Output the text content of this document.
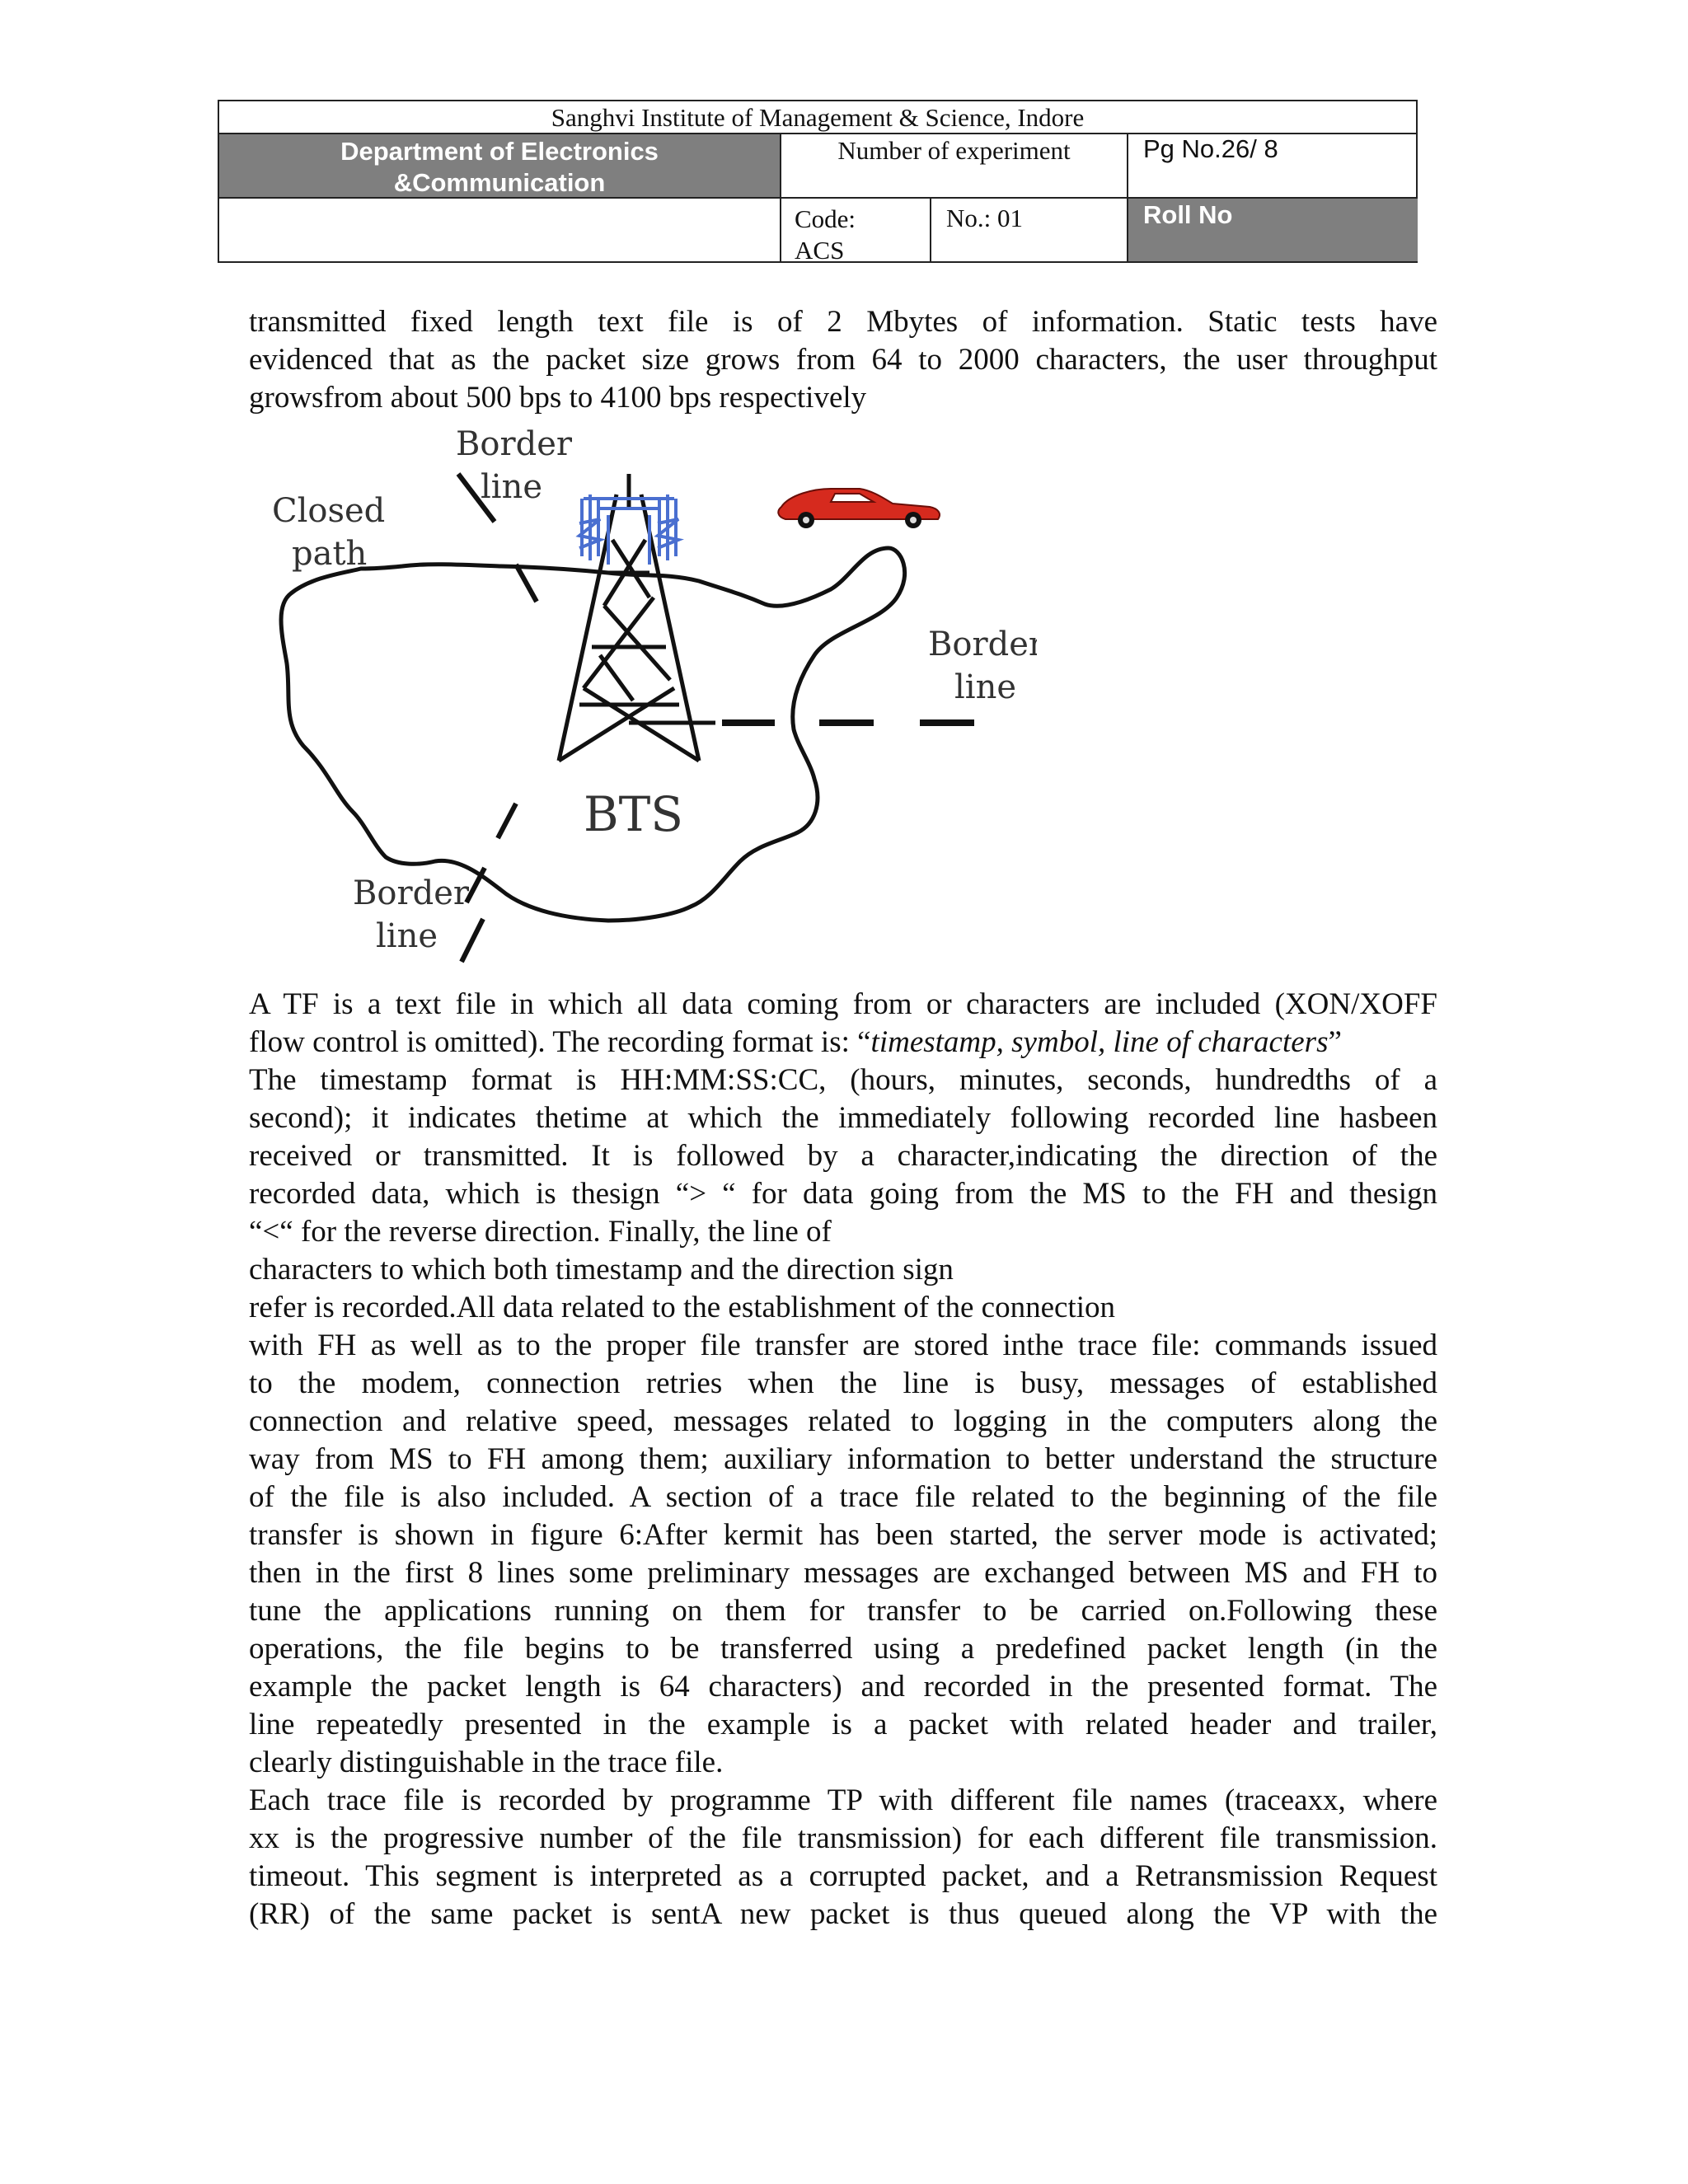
Sanghvi Institute of Management & Science, Indore
Department of Electronics
&Communication
Number of experiment	Pg No.26/ 8
Code:
ACS
No.: 01	Roll No
transmitted fixed length text file is of 2 Mbytes of information. Static tests have
evidenced that as the packet size grows from 64 to 2000 characters, the user throughput
growsfrom about 500 bps to 4100 bps respectively
Closed
path
Border
line
Border
line
Border
line
BTS
A TF is a text file in which all data coming from or characters are included (XON/XOFF
flow control is omitted). The recording format is: “timestamp, symbol, line of characters”
The timestamp format is HH:MM:SS:CC, (hours, minutes, seconds, hundredths of a
second); it indicates thetime at which the immediately following recorded line hasbeen
received or transmitted. It is followed by a character,indicating the direction of the
recorded data, which is thesign “> “ for data going from the MS to the FH and thesign
“<“ for the reverse direction. Finally, the line of
characters to which both timestamp and the direction sign
refer is recorded.All data related to the establishment of the connection
with FH as well as to the proper file transfer are stored inthe trace file: commands issued
to the modem, connection retries when the line is busy, messages of established
connection and relative speed, messages related to logging in the computers along the
way from MS to FH among them; auxiliary information to better understand the structure
of the file is also included. A section of a trace file related to the beginning of the file
transfer is shown in figure 6:After kermit has been started, the server mode is activated;
then in the first 8 lines some preliminary messages are exchanged between MS and FH to
tune the applications running on them for transfer to be carried on.Following these
operations, the file begins to be transferred using a predefined packet length (in the
example the packet length is 64 characters) and recorded in the presented format. The
line repeatedly presented in the example is a packet with related header and trailer,
clearly distinguishable in the trace file.
Each trace file is recorded by programme TP with different file names (traceaxx, where
xx is the progressive number of the file transmission) for each different file transmission.
timeout. This segment is interpreted as a corrupted packet, and a Retransmission Request
(RR) of the same packet is sentA new packet is thus queued along the VP with the
